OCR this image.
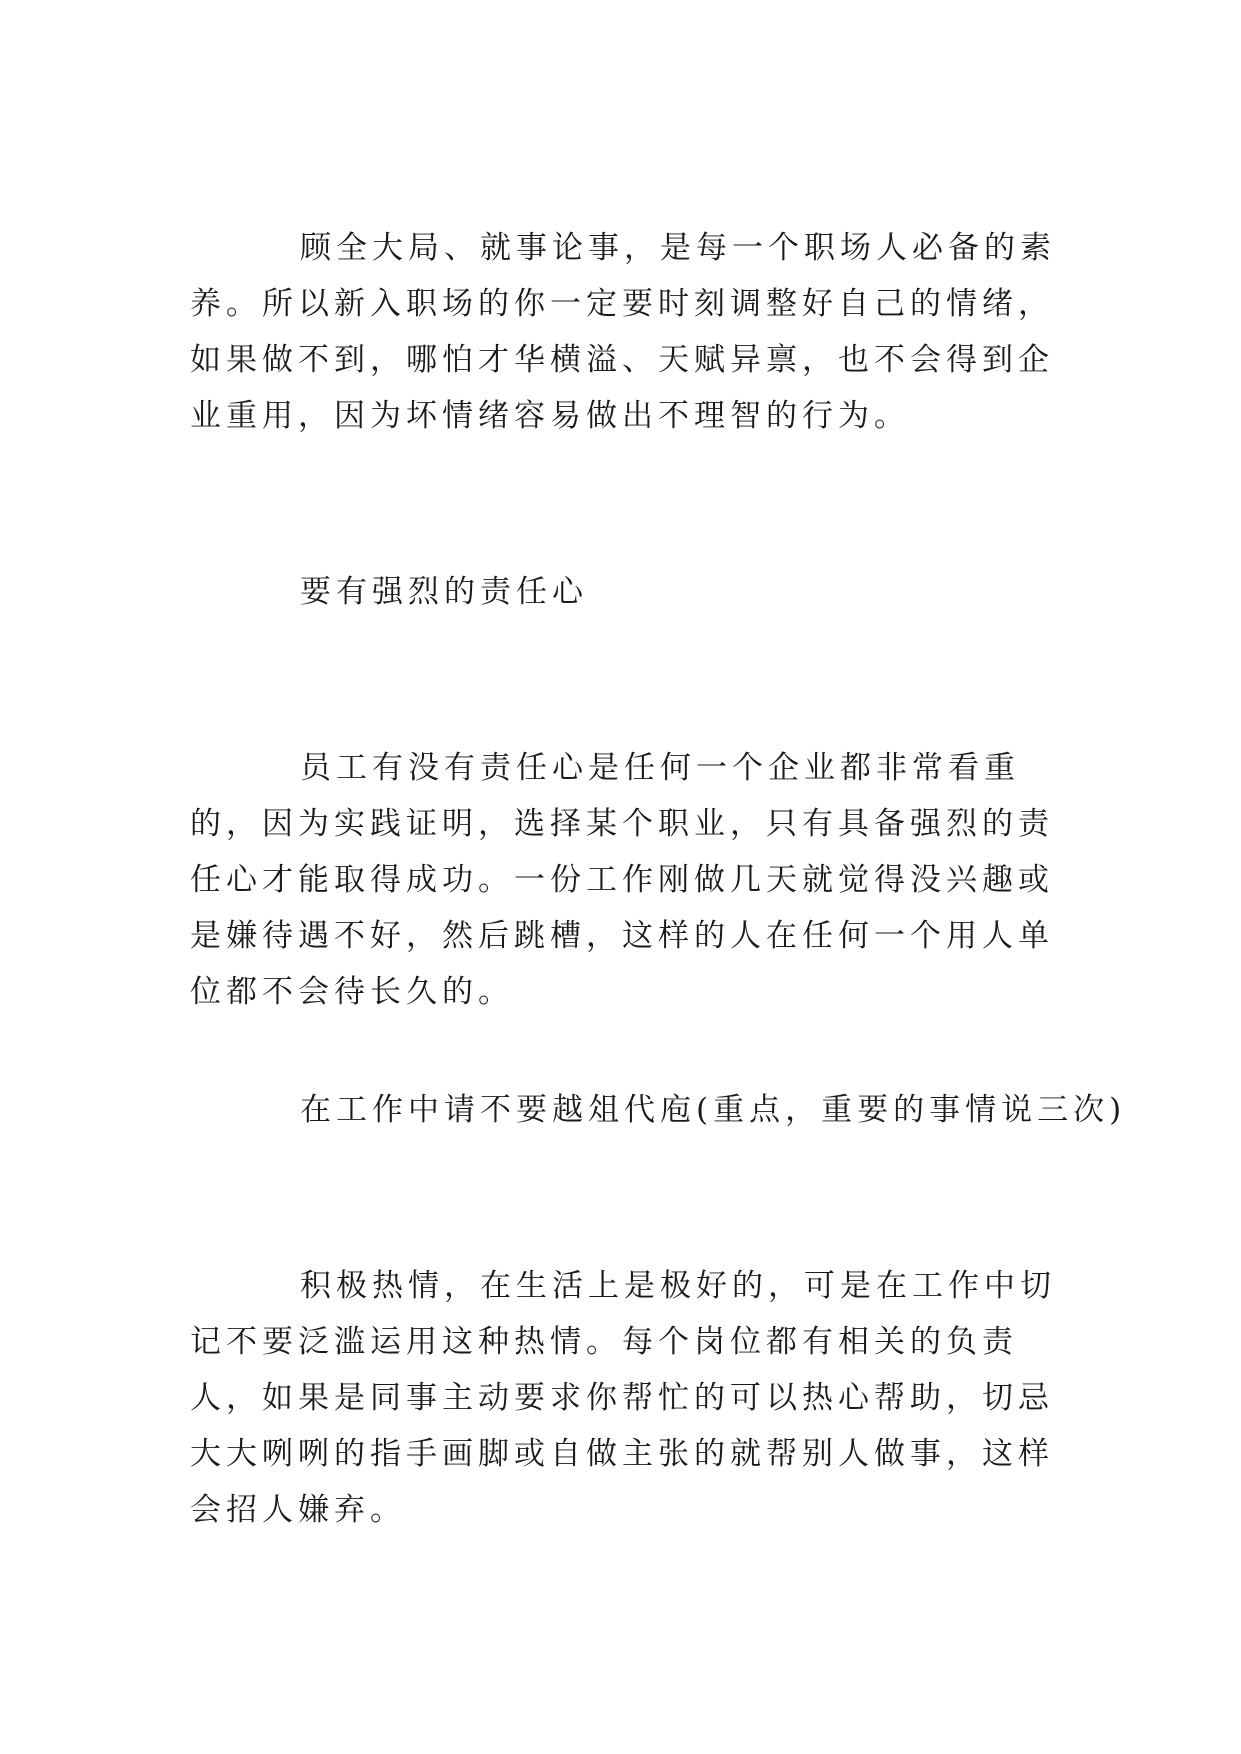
顾全大局、就事论事，是每一个职场人必备的素养。所以新入职场的你一定要时刻调整好自己的情绪，如果做不到，哪怕才华横溢、天赋异禀，也不会得到企业重用，因为坏情绪容易做出不理智的行为。

要有强烈的责任心

员工有没有责任心是任何一个企业都非常看重的，因为实践证明，选择某个职业，只有具备强烈的责任心才能取得成功。一份工作刚做几天就觉得没兴趣或是嫌待遇不好，然后跳槽，这样的人在任何一个用人单位都不会待长久的。

在工作中请不要越俎代庖(重点，重要的事情说三次)

积极热情，在生活上是极好的，可是在工作中切记不要泛滥运用这种热情。每个岗位都有相关的负责人，如果是同事主动要求你帮忙的可以热心帮助，切忌大大咧咧的指手画脚或自做主张的就帮别人做事，这样会招人嫌弃。
